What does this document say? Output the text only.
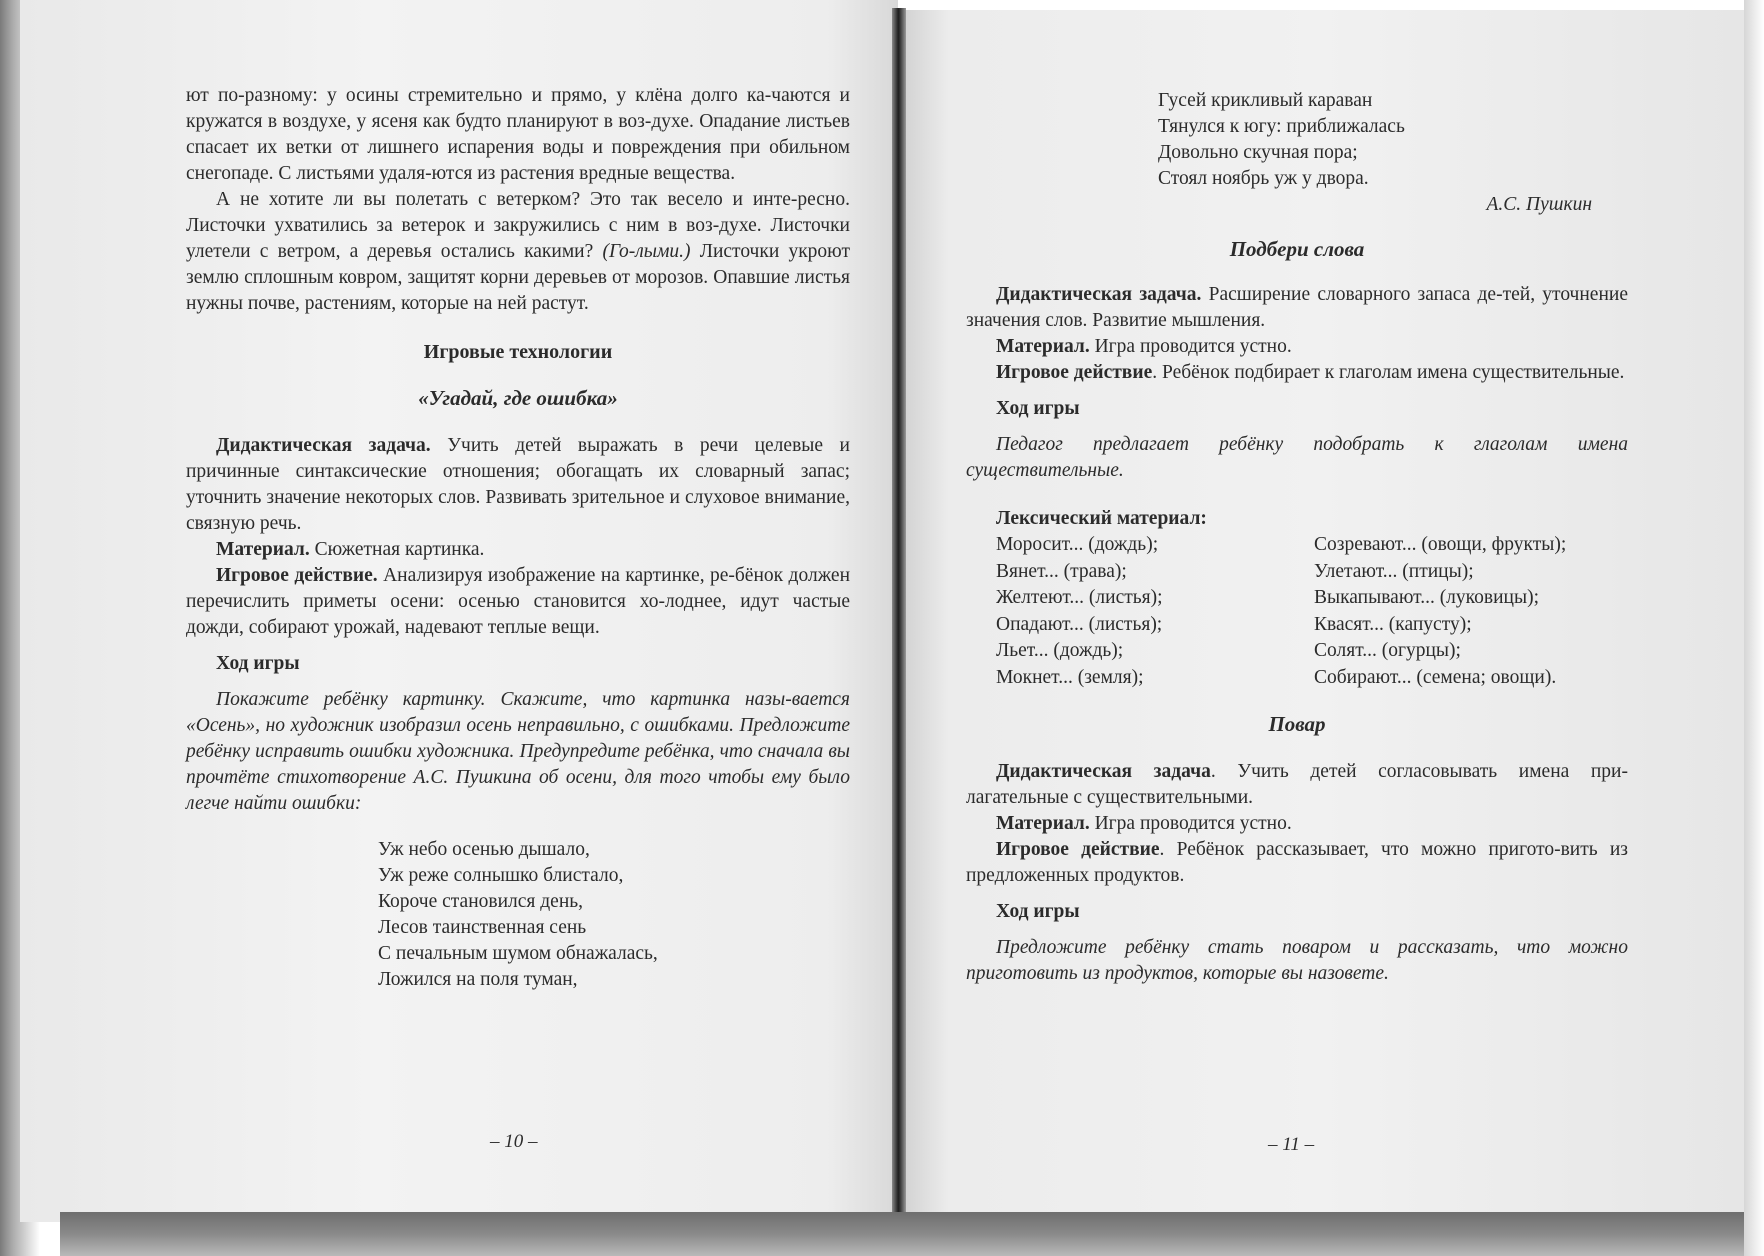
ют по-разному: у осины стремительно и прямо, у клёна долго ка-чаются и кружатся в воздухе, у ясеня как будто планируют в воз-духе. Опадание листьев спасает их ветки от лишнего испарения воды и повреждения при обильном снегопаде. С листьями удаля-ются из растения вредные вещества.

А не хотите ли вы полетать с ветерком? Это так весело и инте-ресно. Листочки ухватились за ветерок и закружились с ним в воз-духе. Листочки улетели с ветром, а деревья остались какими? (Го-лыми.) Листочки укроют землю сплошным ковром, защитят корни деревьев от морозов. Опавшие листья нужны почве, растениям, которые на ней растут.

Игровые технологии

«Угадай, где ошибка»

Дидактическая задача. Учить детей выражать в речи целевые и причинные синтаксические отношения; обогащать их словарный запас; уточнить значение некоторых слов. Развивать зрительное и слуховое внимание, связную речь.

Материал. Сюжетная картинка.

Игровое действие. Анализируя изображение на картинке, ре-бёнок должен перечислить приметы осени: осенью становится хо-лоднее, идут частые дожди, собирают урожай, надевают теплые вещи.

Ход игры

Покажите ребёнку картинку. Скажите, что картинка назы-вается «Осень», но художник изобразил осень неправильно, с ошибками. Предложите ребёнку исправить ошибки художника. Предупредите ребёнка, что сначала вы прочтёте стихотворение А.С. Пушкина об осени, для того чтобы ему было легче найти ошибки:

Уж небо осенью дышало,
Уж реже солнышко блистало,
Короче становился день,
Лесов таинственная сень
С печальным шумом обнажалась,
Ложился на поля туман,
– 10 –
Гусей крикливый караван
Тянулся к югу: приближалась
Довольно скучная пора;
Стоял ноябрь уж у двора.

А.С. Пушкин

Подбери слова

Дидактическая задача. Расширение словарного запаса де-тей, уточнение значения слов. Развитие мышления.

Материал. Игра проводится устно.

Игровое действие. Ребёнок подбирает к глаголам имена существительные.

Ход игры

Педагог предлагает ребёнку подобрать к глаголам имена существительные.

Лексический материал:

Моросит... (дождь);
Вянет... (трава);
Желтеют... (листья);
Опадают... (листья);
Льет... (дождь);
Мокнет... (земля);
Созревают... (овощи, фрукты);
Улетают... (птицы);
Выкапывают... (луковицы);
Квасят... (капусту);
Солят... (огурцы);
Собирают... (семена; овощи).

Повар

Дидактическая задача. Учить детей согласовывать имена при-лагательные с существительными.

Материал. Игра проводится устно.

Игровое действие. Ребёнок рассказывает, что можно пригото-вить из предложенных продуктов.

Ход игры

Предложите ребёнку стать поваром и рассказать, что можно приготовить из продуктов, которые вы назовете.

– 11 –
